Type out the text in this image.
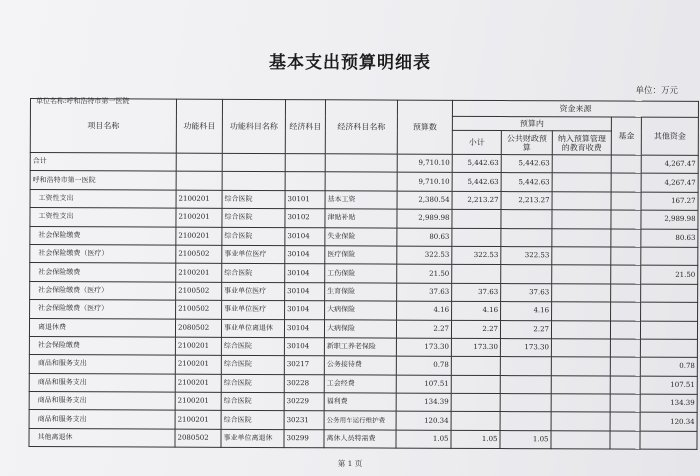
基本支出预算明细表
单位：万元
单位名称:呼和浩特市第一医院
项目名称	功能科目	功能科目名称	经济科目	经济科目名称	预算数	资金来源				
						预算内			基金	其他资金
						小计	公共财政预算	纳入预算管理的教育收费		
合计					9,710.10	5,442.63	5,442.63			4,267.47
呼和浩特市第一医院					9,710.10	5,442.63	5,442.63			4,267.47
工资性支出	2100201	综合医院	30101	基本工资	2,380.54	2,213.27	2,213.27			167.27
工资性支出	2100201	综合医院	30102	津贴补贴	2,989.98					2,989.98
社会保险缴费	2100201	综合医院	30104	失业保险	80.63					80.63
社会保险缴费（医疗）	2100502	事业单位医疗	30104	医疗保险	322.53	322.53	322.53			
社会保险缴费	2100201	综合医院	30104	工伤保险	21.50					21.50
社会保险缴费（医疗）	2100502	事业单位医疗	30104	生育保险	37.63	37.63	37.63			
社会保险缴费（医疗）	2100502	事业单位医疗	30104	大病保险	4.16	4.16	4.16			
离退休费	2080502	事业单位离退休	30104	大病保险	2.27	2.27	2.27			
社会保险缴费	2100201	综合医院	30104	新职工养老保险	173.30	173.30	173.30			
商品和服务支出	2100201	综合医院	30217	公务接待费	0.78					0.78
商品和服务支出	2100201	综合医院	30228	工会经费	107.51					107.51
商品和服务支出	2100201	综合医院	30229	福利费	134.39					134.39
商品和服务支出	2100201	综合医院	30231	公务用车运行维护费	120.34					120.34
其他离退休	2080502	事业单位离退休	30299	离休人员特需费	1.05	1.05	1.05			
第 1 页
